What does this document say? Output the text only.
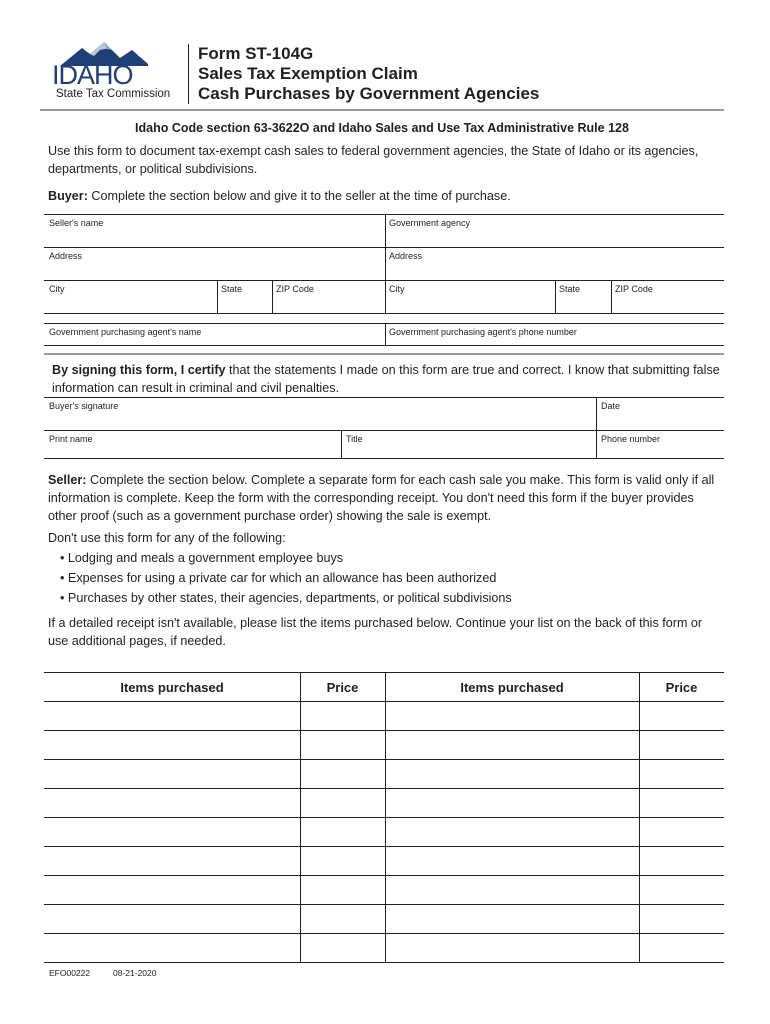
IDAHO
State Tax Commission
Form ST-104G
Sales Tax Exemption Claim
Cash Purchases by Government Agencies
Idaho Code section 63-3622O and Idaho Sales and Use Tax Administrative Rule 128
Use this form to document tax-exempt cash sales to federal government agencies, the State of Idaho or its agencies, departments, or political subdivisions.
Buyer: Complete the section below and give it to the seller at the time of purchase.
Seller's name	Government agency
Address	Address
City	State	ZIP Code	City	State	ZIP Code
Government purchasing agent's name	Government purchasing agent's phone number
By signing this form, I certify that the statements I made on this form are true and correct. I know that submitting false information can result in criminal and civil penalties.
Buyer's signature	Date
Print name	Title	Phone number
Seller: Complete the section below. Complete a separate form for each cash sale you make. This form is valid only if all information is complete. Keep the form with the corresponding receipt. You don't need this form if the buyer provides other proof (such as a government purchase order) showing the sale is exempt.
Don't use this form for any of the following:
• Lodging and meals a government employee buys
• Expenses for using a private car for which an allowance has been authorized
• Purchases by other states, their agencies, departments, or political subdivisions
If a detailed receipt isn't available, please list the items purchased below. Continue your list on the back of this form or use additional pages, if needed.
Items purchased	Price	Items purchased	Price
EFO00222	08-21-2020
